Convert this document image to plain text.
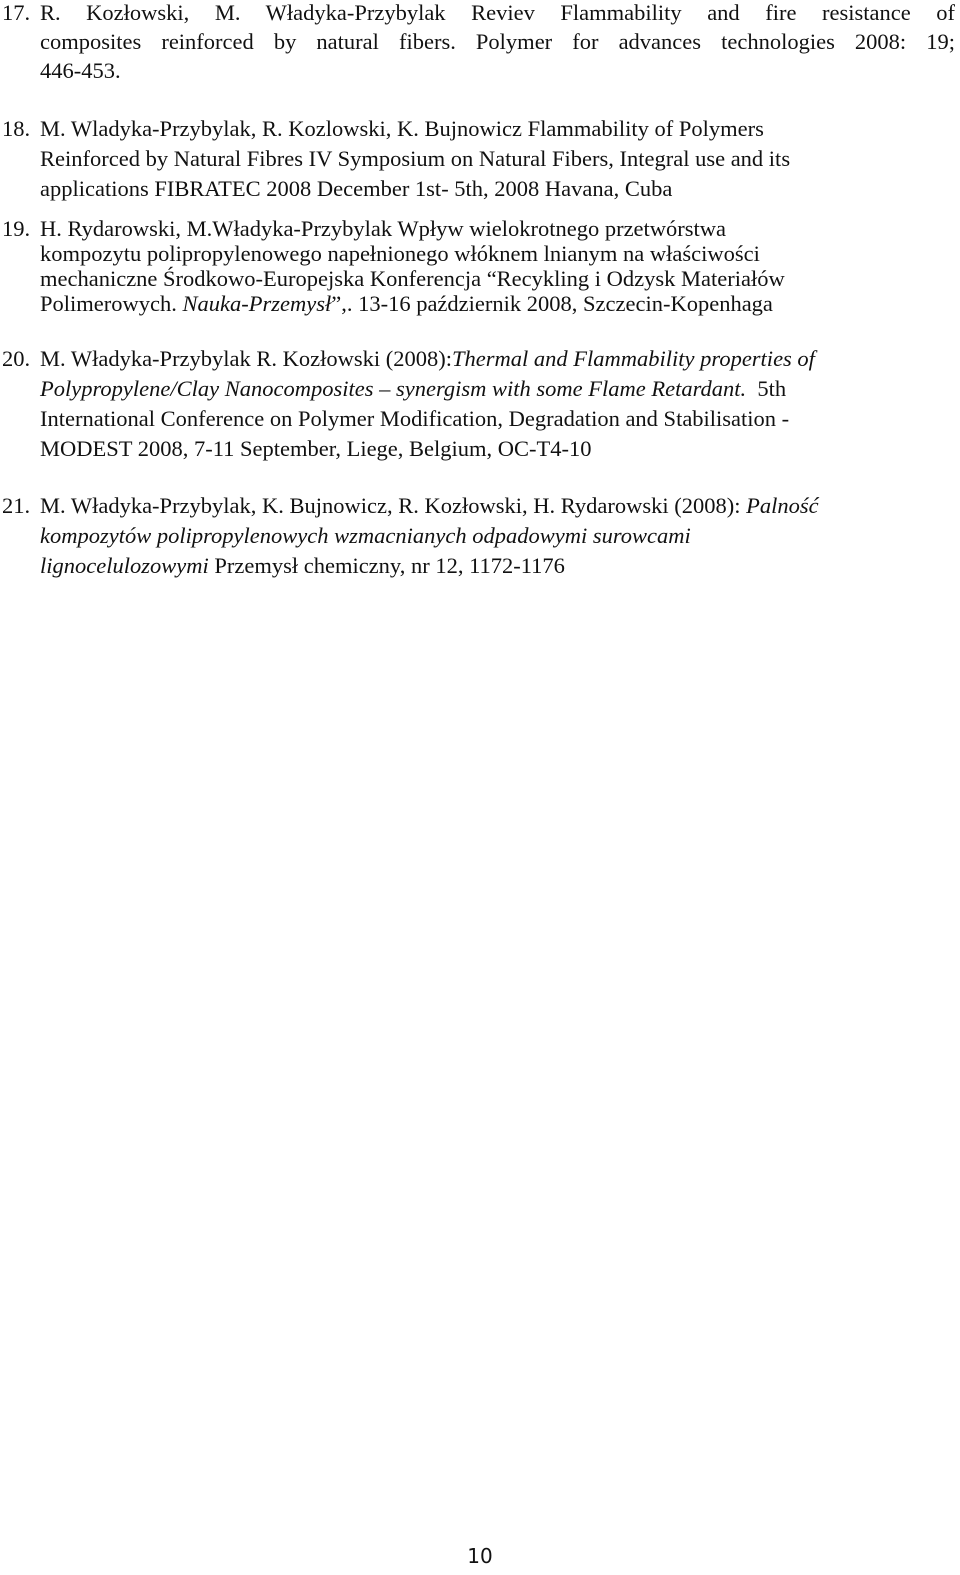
17. R. Kozłowski, M. Władyka-Przybylak Reviev Flammability and fire resistance of
composites reinforced by natural fibers. Polymer for advances technologies 2008: 19;
446-453.
18. M. Wladyka-Przybylak, R. Kozlowski, K. Bujnowicz Flammability of Polymers
Reinforced by Natural Fibres IV Symposium on Natural Fibers, Integral use and its
applications FIBRATEC 2008 December 1st- 5th, 2008 Havana, Cuba
19. H. Rydarowski, M.Władyka-Przybylak Wpływ wielokrotnego przetwórstwa
kompozytu polipropylenowego napełnionego włóknem lnianym na właściwości
mechaniczne Środkowo-Europejska Konferencja “Recykling i Odzysk Materiałów
Polimerowych. Nauka-Przemysł”,. 13-16 październik 2008, Szczecin-Kopenhaga
20. M. Władyka-Przybylak R. Kozłowski (2008):Thermal and Flammability properties of
Polypropylene/Clay Nanocomposites – synergism with some Flame Retardant.  5th
International Conference on Polymer Modification, Degradation and Stabilisation -
MODEST 2008, 7-11 September, Liege, Belgium, OC-T4-10
21. M. Władyka-Przybylak, K. Bujnowicz, R. Kozłowski, H. Rydarowski (2008): Palność
kompozytów polipropylenowych wzmacnianych odpadowymi surowcami
lignocelulozowymi Przemysł chemiczny, nr 12, 1172-1176
10
